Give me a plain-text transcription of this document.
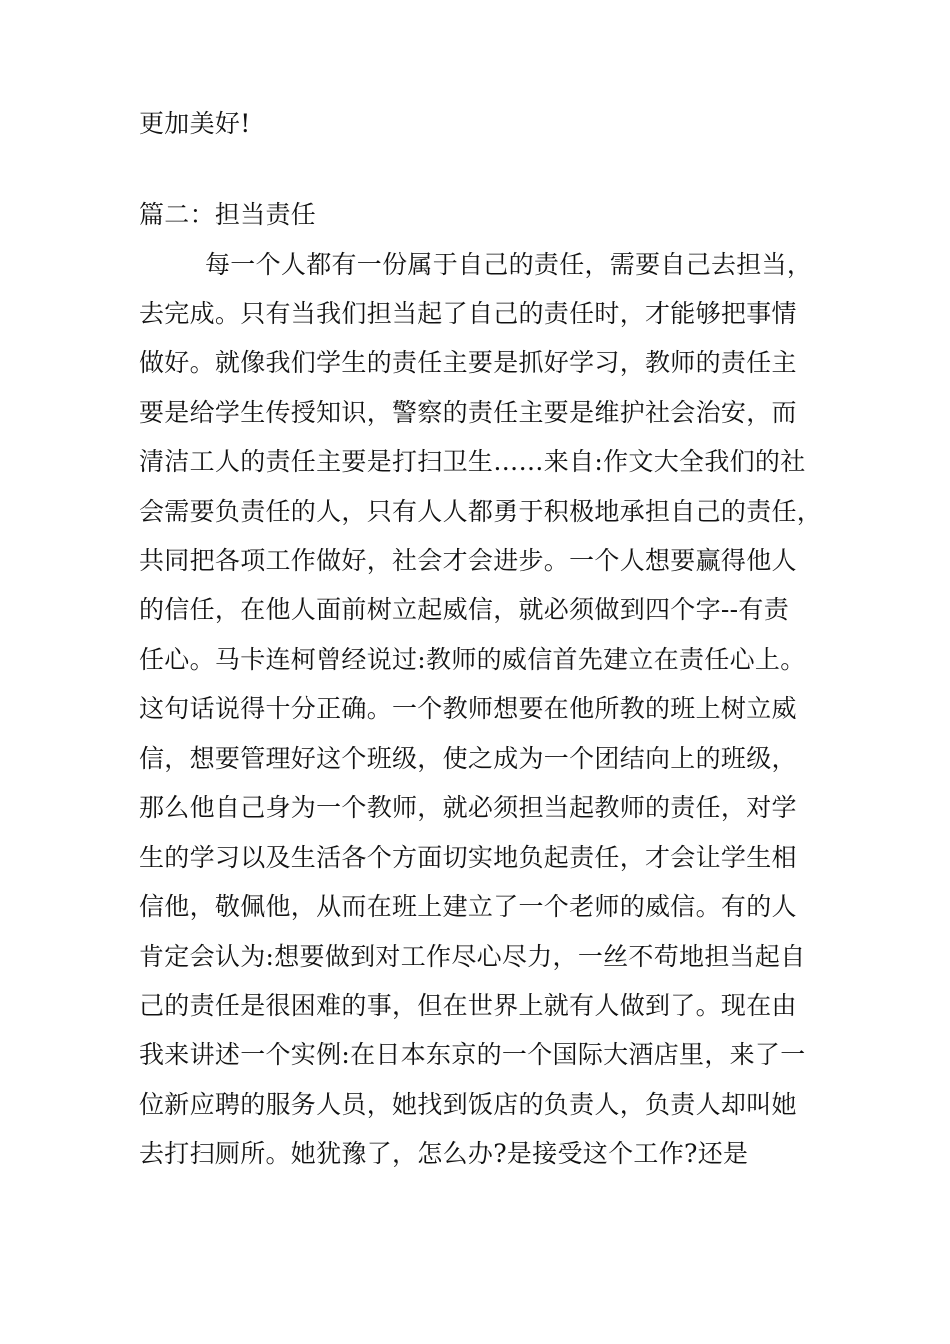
更加美好!
篇二：担当责任
每一个人都有一份属于自己的责任，需要自己去担当，
去完成。只有当我们担当起了自己的责任时，才能够把事情
做好。就像我们学生的责任主要是抓好学习，教师的责任主
要是给学生传授知识，警察的责任主要是维护社会治安，而
清洁工人的责任主要是打扫卫生……来自:作文大全我们的社
会需要负责任的人，只有人人都勇于积极地承担自己的责任，
共同把各项工作做好，社会才会进步。一个人想要赢得他人
的信任，在他人面前树立起威信，就必须做到四个字--有责
任心。马卡连柯曾经说过:教师的威信首先建立在责任心上。
这句话说得十分正确。一个教师想要在他所教的班上树立威
信，想要管理好这个班级，使之成为一个团结向上的班级，
那么他自己身为一个教师，就必须担当起教师的责任，对学
生的学习以及生活各个方面切实地负起责任，才会让学生相
信他，敬佩他，从而在班上建立了一个老师的威信。有的人
肯定会认为:想要做到对工作尽心尽力，一丝不苟地担当起自
己的责任是很困难的事，但在世界上就有人做到了。现在由
我来讲述一个实例:在日本东京的一个国际大酒店里，来了一
位新应聘的服务人员，她找到饭店的负责人，负责人却叫她
去打扫厕所。她犹豫了，怎么办?是接受这个工作?还是
